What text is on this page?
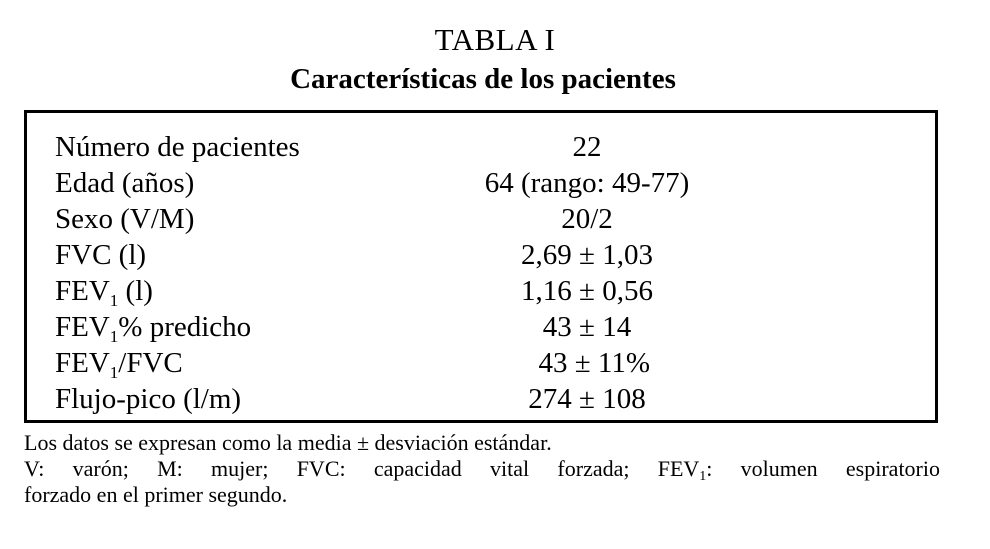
TABLA I
Características de los pacientes
Número de pacientes	22
Edad (años)	64 (rango: 49-77)
Sexo (V/M)	20/2
FVC (l)	2,69 ± 1,03
$FEV_1$ (l)	1,16 ± 0,56
$FEV_1\%$ predicho	43 ± 14
$FEV_1$/FVC	43 ± 11%
Flujo-pico (l/m)	274 ± 108
Los datos se expresan como la media ± desviación estándar.
V: varón; M: mujer; FVC: capacidad vital forzada; $FEV_1$: volumen espiratorio
forzado en el primer segundo.
